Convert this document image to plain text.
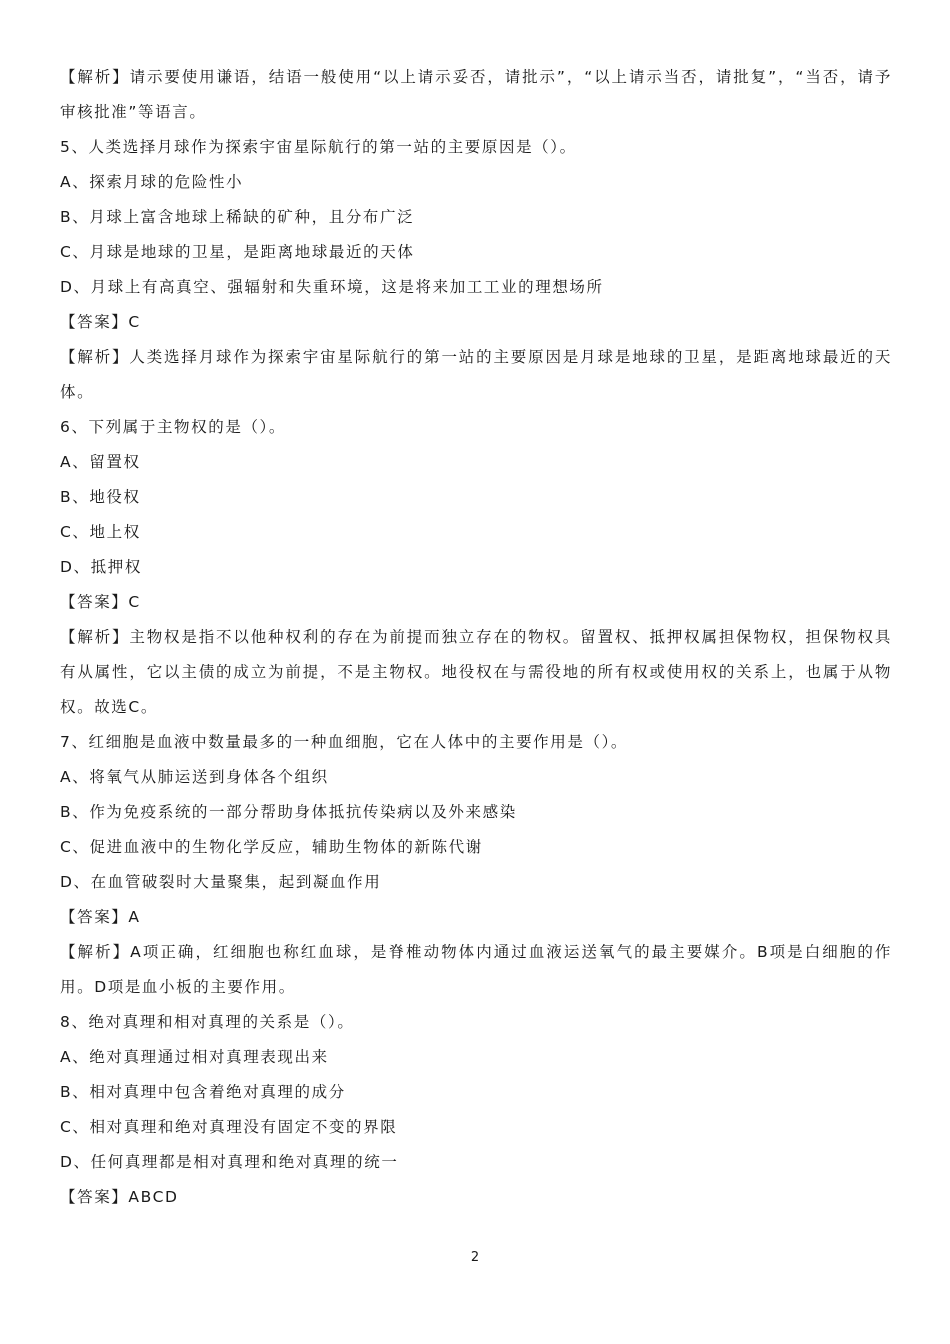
【解析】请示要使用谦语，结语一般使用“以上请示妥否，请批示”，“以上请示当否，请批复”，“当否，请予审核批准”等语言。
5、人类选择月球作为探索宇宙星际航行的第一站的主要原因是（）。
A、探索月球的危险性小
B、月球上富含地球上稀缺的矿种，且分布广泛
C、月球是地球的卫星，是距离地球最近的天体
D、月球上有高真空、强辐射和失重环境，这是将来加工工业的理想场所
【答案】C
【解析】人类选择月球作为探索宇宙星际航行的第一站的主要原因是月球是地球的卫星，是距离地球最近的天体。
6、下列属于主物权的是（）。
A、留置权
B、地役权
C、地上权
D、抵押权
【答案】C
【解析】主物权是指不以他种权利的存在为前提而独立存在的物权。留置权、抵押权属担保物权，担保物权具有从属性，它以主债的成立为前提，不是主物权。地役权在与需役地的所有权或使用权的关系上，也属于从物权。故选C。
7、红细胞是血液中数量最多的一种血细胞，它在人体中的主要作用是（）。
A、将氧气从肺运送到身体各个组织
B、作为免疫系统的一部分帮助身体抵抗传染病以及外来感染
C、促进血液中的生物化学反应，辅助生物体的新陈代谢
D、在血管破裂时大量聚集，起到凝血作用
【答案】A
【解析】A项正确，红细胞也称红血球，是脊椎动物体内通过血液运送氧气的最主要媒介。B项是白细胞的作用。D项是血小板的主要作用。
8、绝对真理和相对真理的关系是（）。
A、绝对真理通过相对真理表现出来
B、相对真理中包含着绝对真理的成分
C、相对真理和绝对真理没有固定不变的界限
D、任何真理都是相对真理和绝对真理的统一
【答案】ABCD
2
